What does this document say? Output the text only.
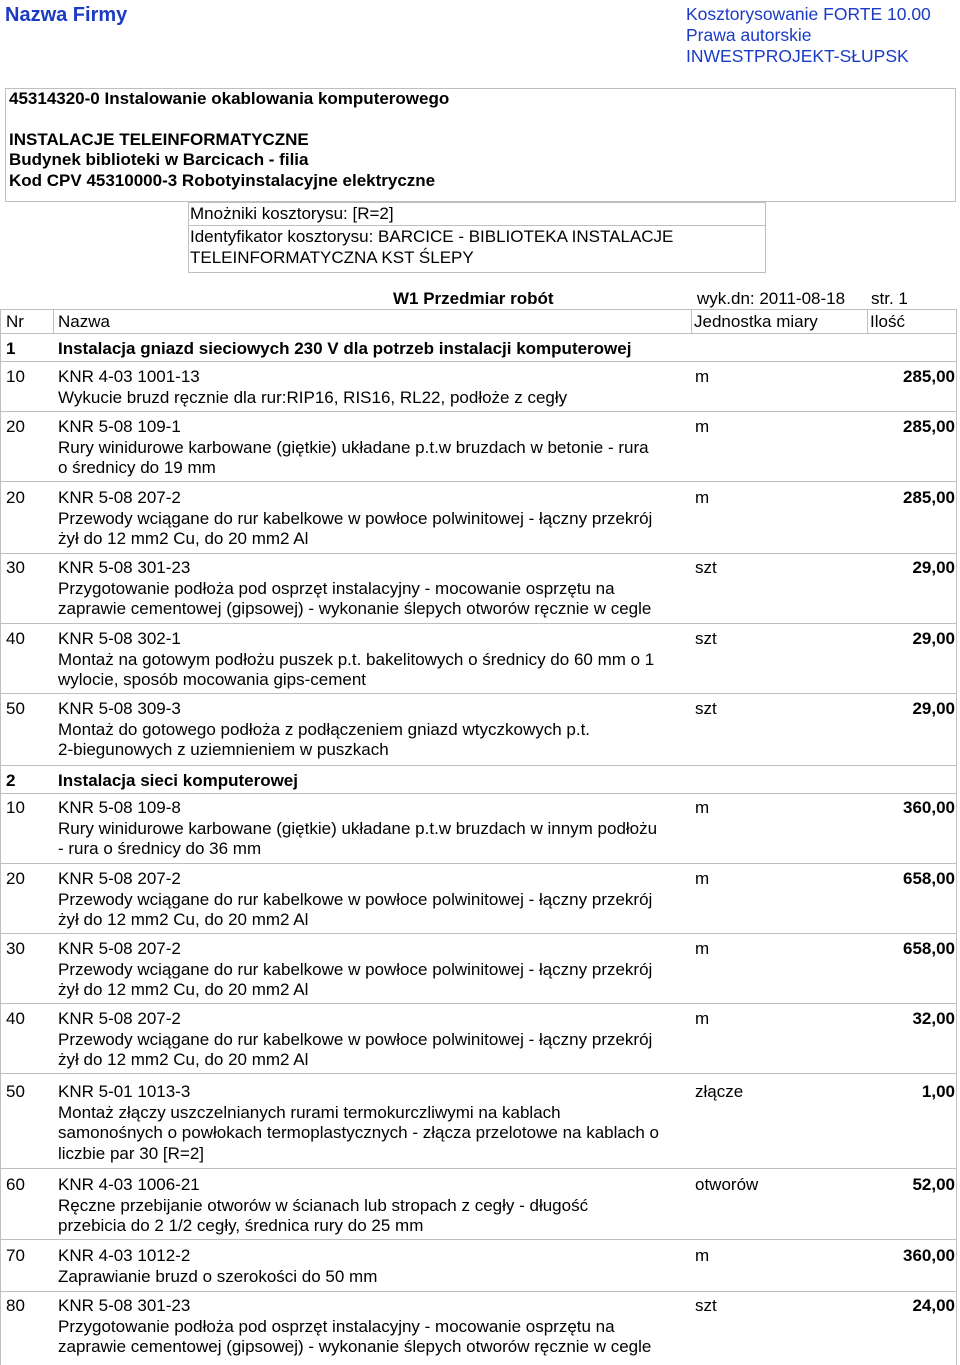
Nazwa Firmy	Kosztorysowanie FORTE 10.00
Prawa autorskie
INWESTPROJEKT-SŁUPSK
45314320-0 Instalowanie okablowania komputerowego
INSTALACJE TELEINFORMATYCZNE
Budynek biblioteki w Barcicach - filia
Kod CPV 45310000-3 Robotyinstalacyjne elektryczne
Mnożniki kosztorysu: [R=2]
Identyfikator kosztorysu: BARCICE - BIBLIOTEKA INSTALACJE
TELEINFORMATYCZNA KST ŚLEPY
W1 Przedmiar robót	wyk.dn: 2011-08-18 str. 1
Nr Nazwa	Jednostka miary	Ilość
1	Instalacja gniazd sieciowych 230 V dla potrzeb instalacji komputerowej
10 KNR 4-03 1001-13
Wykucie bruzd ręcznie dla rur:RIP16, RIS16, RL22, podłoże z cegły
m	285,00
20 KNR 5-08 109-1
Rury winidurowe karbowane (giętkie) układane p.t.w bruzdach w betonie - rura
o średnicy do 19 mm
m	285,00
20 KNR 5-08 207-2
Przewody wciągane do rur kabelkowe w powłoce polwinitowej - łączny przekrój
żył do 12 mm2 Cu, do 20 mm2 Al
m	285,00
30 KNR 5-08 301-23
Przygotowanie podłoża pod osprzęt instalacyjny - mocowanie osprzętu na
zaprawie cementowej (gipsowej) - wykonanie ślepych otworów ręcznie w cegle
szt	29,00
40 KNR 5-08 302-1
Montaż na gotowym podłożu puszek p.t. bakelitowych o średnicy do 60 mm o 1
wylocie, sposób mocowania gips-cement
szt	29,00
50 KNR 5-08 309-3
Montaż do gotowego podłoża z podłączeniem gniazd wtyczkowych p.t.
2-biegunowych z uziemnieniem w puszkach
szt	29,00
2	Instalacja sieci komputerowej
10 KNR 5-08 109-8
Rury winidurowe karbowane (giętkie) układane p.t.w bruzdach w innym podłożu
- rura o średnicy do 36 mm
m	360,00
20 KNR 5-08 207-2
Przewody wciągane do rur kabelkowe w powłoce polwinitowej - łączny przekrój
żył do 12 mm2 Cu, do 20 mm2 Al
m	658,00
30 KNR 5-08 207-2
Przewody wciągane do rur kabelkowe w powłoce polwinitowej - łączny przekrój
żył do 12 mm2 Cu, do 20 mm2 Al
m	658,00
40 KNR 5-08 207-2
Przewody wciągane do rur kabelkowe w powłoce polwinitowej - łączny przekrój
żył do 12 mm2 Cu, do 20 mm2 Al
m	32,00
50 KNR 5-01 1013-3
Montaż złączy uszczelnianych rurami termokurczliwymi na kablach
samonośnych o powłokach termoplastycznych - złącza przelotowe na kablach o
liczbie par 30 [R=2]
złącze	1,00
60 KNR 4-03 1006-21
Ręczne przebijanie otworów w ścianach lub stropach z cegły - długość
przebicia do 2 1/2 cegły, średnica rury do 25 mm
otworów	52,00
70 KNR 4-03 1012-2
Zaprawianie bruzd o szerokości do 50 mm
m	360,00
80 KNR 5-08 301-23
Przygotowanie podłoża pod osprzęt instalacyjny - mocowanie osprzętu na
zaprawie cementowej (gipsowej) - wykonanie ślepych otworów ręcznie w cegle
szt	24,00
